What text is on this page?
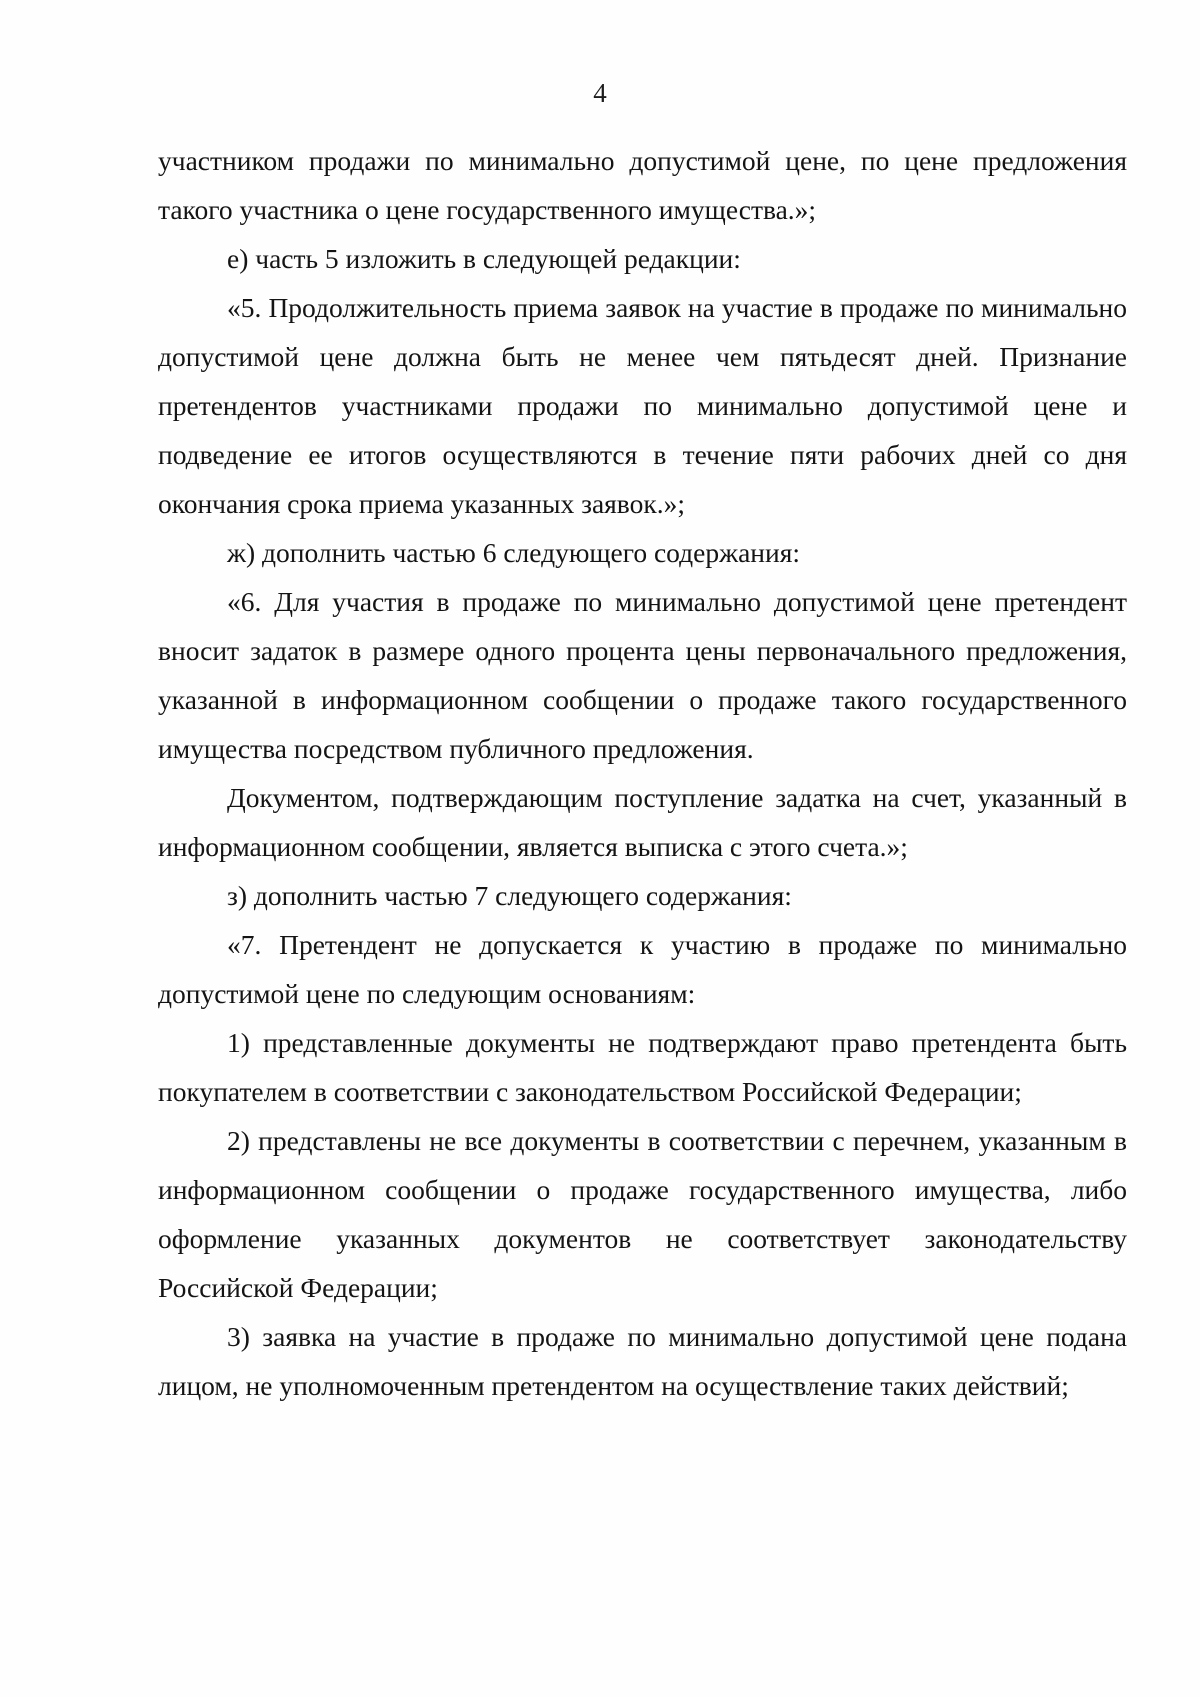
4

участником продажи по минимально допустимой цене, по цене предложения такого участника о цене государственного имущества.»;

е) часть 5 изложить в следующей редакции:

«5. Продолжительность приема заявок на участие в продаже по минимально допустимой цене должна быть не менее чем пятьдесят дней. Признание претендентов участниками продажи по минимально допустимой цене и подведение ее итогов осуществляются в течение пяти рабочих дней со дня окончания срока приема указанных заявок.»;

ж) дополнить частью 6 следующего содержания:

«6. Для участия в продаже по минимально допустимой цене претендент вносит задаток в размере одного процента цены первоначального предложения, указанной в информационном сообщении о продаже такого государственного имущества посредством публичного предложения.

Документом, подтверждающим поступление задатка на счет, указанный в информационном сообщении, является выписка с этого счета.»;

з) дополнить частью 7 следующего содержания:

«7. Претендент не допускается к участию в продаже по минимально допустимой цене по следующим основаниям:

1) представленные документы не подтверждают право претендента быть покупателем в соответствии с законодательством Российской Федерации;

2) представлены не все документы в соответствии с перечнем, указанным в информационном сообщении о продаже государственного имущества, либо оформление указанных документов не соответствует законодательству Российской Федерации;

3) заявка на участие в продаже по минимально допустимой цене подана лицом, не уполномоченным претендентом на осуществление таких действий;
